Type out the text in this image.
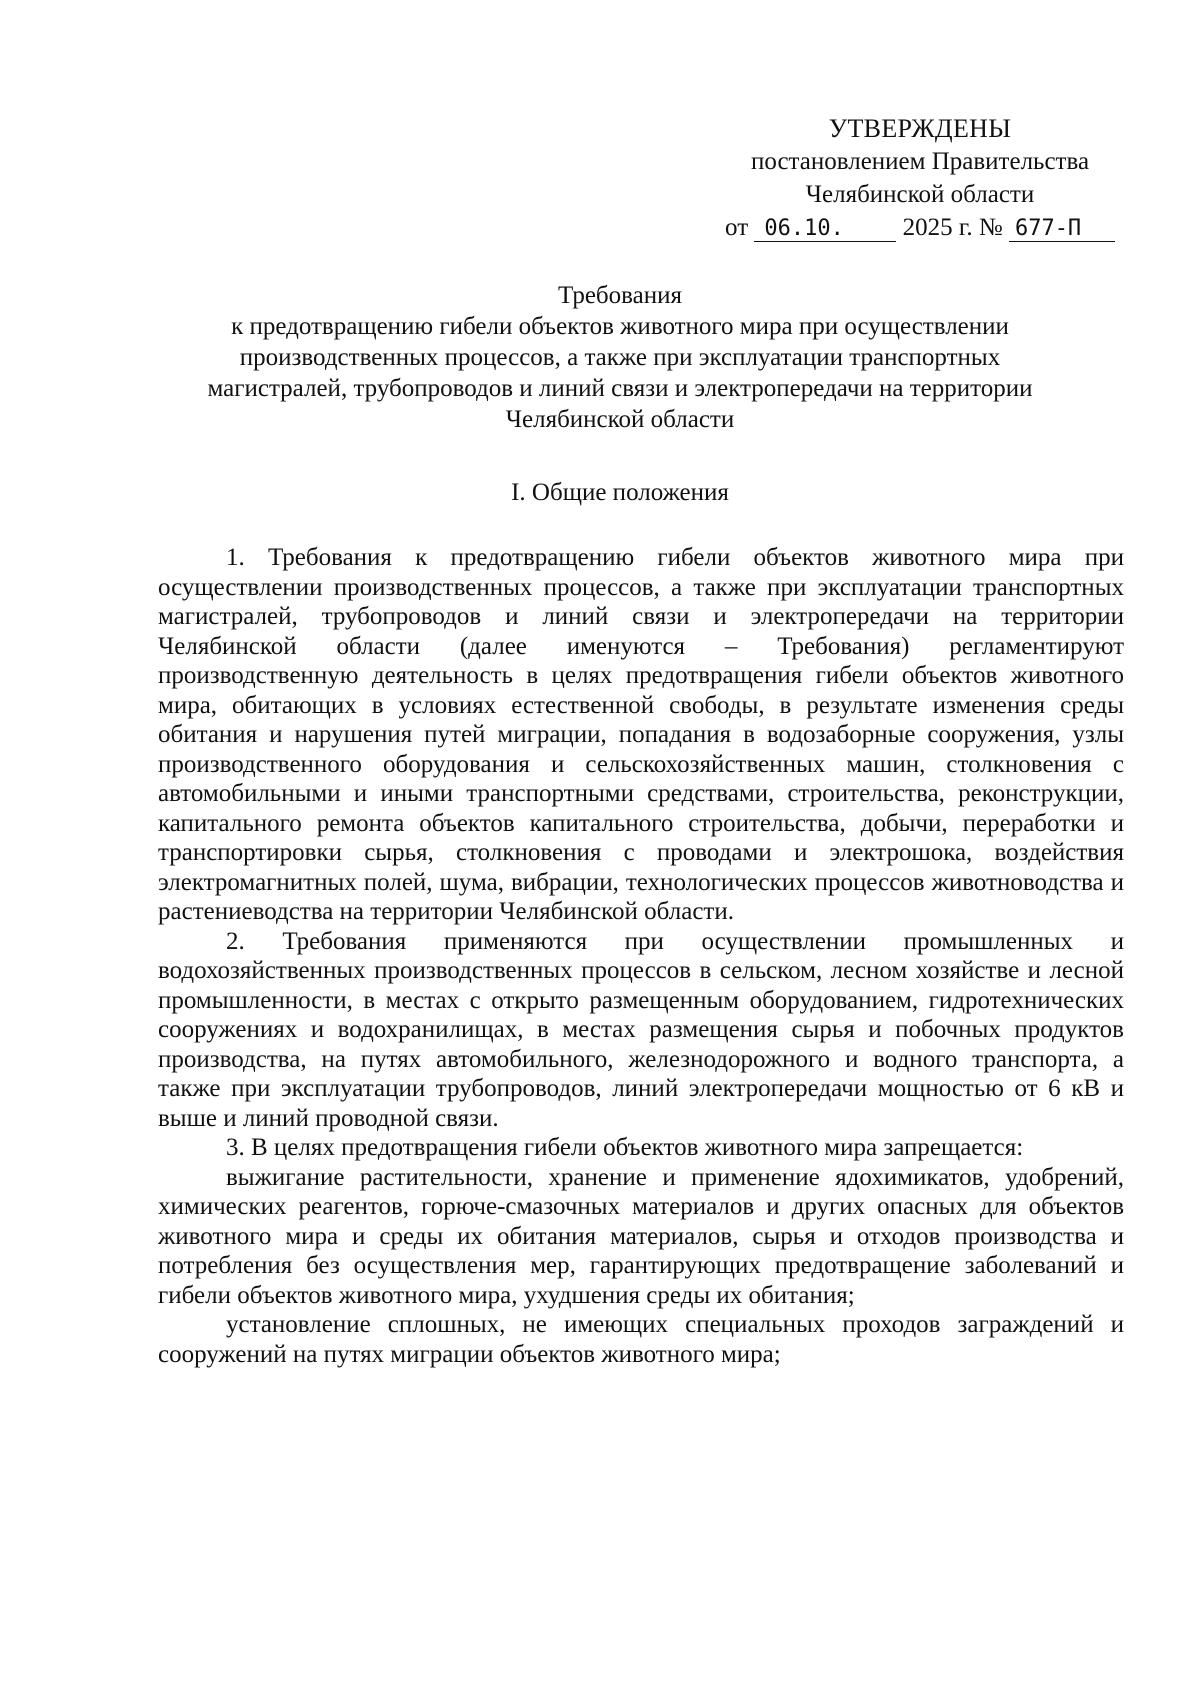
УТВЕРЖДЕНЫ
постановлением Правительства
Челябинской области
от 06.10. 2025 г. № 677-П
Требования
к предотвращению гибели объектов животного мира при осуществлении
производственных процессов, а также при эксплуатации транспортных
магистралей, трубопроводов и линий связи и электропередачи на территории
Челябинской области
I. Общие положения

1. Требования к предотвращению гибели объектов животного мира при осуществлении производственных процессов, а также при эксплуатации транспортных магистралей, трубопроводов и линий связи и электропередачи на территории Челябинской области (далее именуются – Требования) регламентируют производственную деятельность в целях предотвращения гибели объектов животного мира, обитающих в условиях естественной свободы, в результате изменения среды обитания и нарушения путей миграции, попадания в водозаборные сооружения, узлы производственного оборудования и сельскохозяйственных машин, столкновения с автомобильными и иными транспортными средствами, строительства, реконструкции, капитального ремонта объектов капитального строительства, добычи, переработки и транспортировки сырья, столкновения с проводами и электрошока, воздействия электромагнитных полей, шума, вибрации, технологических процессов животноводства и растениеводства на территории Челябинской области.

2. Требования применяются при осуществлении промышленных и водохозяйственных производственных процессов в сельском, лесном хозяйстве и лесной промышленности, в местах с открыто размещенным оборудованием, гидротехнических сооружениях и водохранилищах, в местах размещения сырья и побочных продуктов производства, на путях автомобильного, железнодорожного и водного транспорта, а также при эксплуатации трубопроводов, линий электропередачи мощностью от 6 кВ и выше и линий проводной связи.

3. В целях предотвращения гибели объектов животного мира запрещается:

выжигание растительности, хранение и применение ядохимикатов, удобрений, химических реагентов, горюче-смазочных материалов и других опасных для объектов животного мира и среды их обитания материалов, сырья и отходов производства и потребления без осуществления мер, гарантирующих предотвращение заболеваний и гибели объектов животного мира, ухудшения среды их обитания;

установление сплошных, не имеющих специальных проходов заграждений и сооружений на путях миграции объектов животного мира;
